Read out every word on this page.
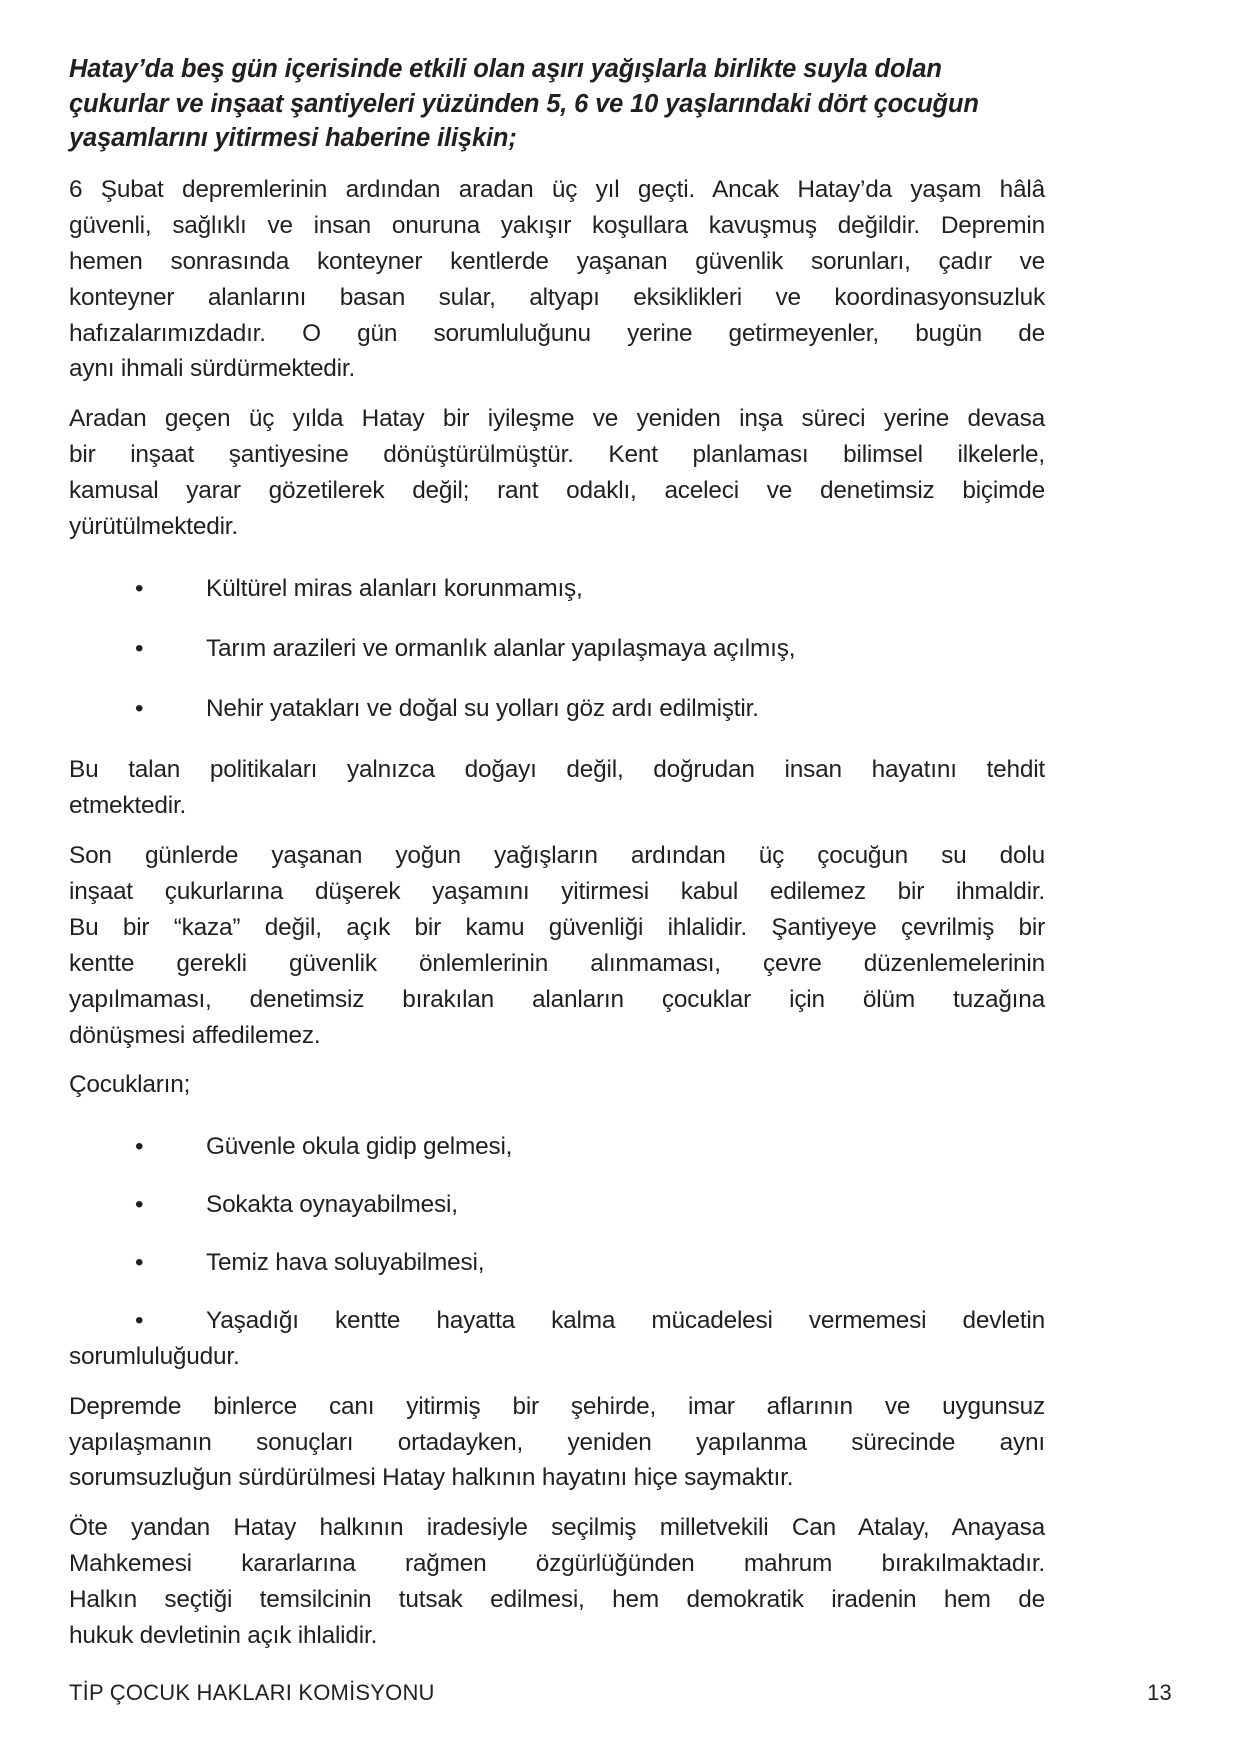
Hatay’da beş gün içerisinde etkili olan aşırı yağışlarla birlikte suyla dolan
çukurlar ve inşaat şantiyeleri yüzünden 5, 6 ve 10 yaşlarındaki dört çocuğun
yaşamlarını yitirmesi haberine ilişkin;

6 Şubat depremlerinin ardından aradan üç yıl geçti. Ancak Hatay’da yaşam hâlâ
güvenli, sağlıklı ve insan onuruna yakışır koşullara kavuşmuş değildir. Depremin
hemen sonrasında konteyner kentlerde yaşanan güvenlik sorunları, çadır ve
konteyner alanlarını basan sular, altyapı eksiklikleri ve koordinasyonsuzluk
hafızalarımızdadır. O gün sorumluluğunu yerine getirmeyenler, bugün de
aynı ihmali sürdürmektedir.

Aradan geçen üç yılda Hatay bir iyileşme ve yeniden inşa süreci yerine devasa
bir inşaat şantiyesine dönüştürülmüştür. Kent planlaması bilimsel ilkelerle,
kamusal yarar gözetilerek değil; rant odaklı, aceleci ve denetimsiz biçimde
yürütülmektedir.

•	Kültürel miras alanları korunmamış,
•	Tarım arazileri ve ormanlık alanlar yapılaşmaya açılmış,
•	Nehir yatakları ve doğal su yolları göz ardı edilmiştir.

Bu talan politikaları yalnızca doğayı değil, doğrudan insan hayatını tehdit
etmektedir.

Son günlerde yaşanan yoğun yağışların ardından üç çocuğun su dolu
inşaat çukurlarına düşerek yaşamını yitirmesi kabul edilemez bir ihmaldir.
Bu bir “kaza” değil, açık bir kamu güvenliği ihlalidir. Şantiyeye çevrilmiş bir
kentte gerekli güvenlik önlemlerinin alınmaması, çevre düzenlemelerinin
yapılmaması, denetimsiz bırakılan alanların çocuklar için ölüm tuzağına
dönüşmesi affedilemez.

Çocukların;

•	Güvenle okula gidip gelmesi,
•	Sokakta oynayabilmesi,
•	Temiz hava soluyabilmesi,
•	Yaşadığı kentte hayatta kalma mücadelesi vermemesi devletin
sorumluluğudur.

Depremde binlerce canı yitirmiş bir şehirde, imar aflarının ve uygunsuz
yapılaşmanın sonuçları ortadayken, yeniden yapılanma sürecinde aynı
sorumsuzluğun sürdürülmesi Hatay halkının hayatını hiçe saymaktır.

Öte yandan Hatay halkının iradesiyle seçilmiş milletvekili Can Atalay, Anayasa
Mahkemesi kararlarına rağmen özgürlüğünden mahrum bırakılmaktadır.
Halkın seçtiği temsilcinin tutsak edilmesi, hem demokratik iradenin hem de
hukuk devletinin açık ihlalidir.

TİP ÇOCUK HAKLARI KOMİSYONU	13
